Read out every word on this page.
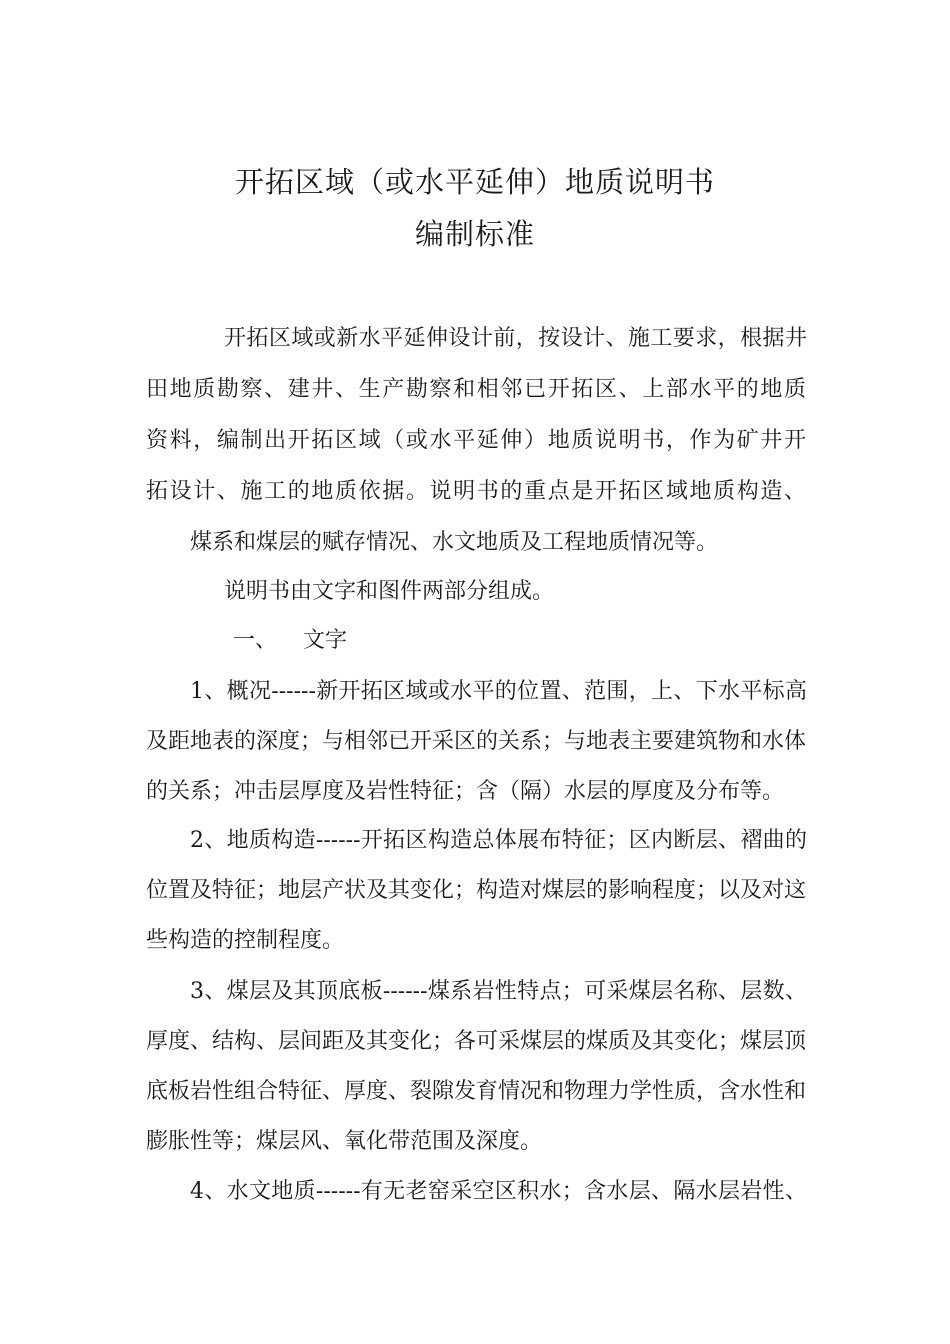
开拓区域（或水平延伸）地质说明书
编制标准
开拓区域或新水平延伸设计前，按设计、施工要求，根据井
田地质勘察、建井、生产勘察和相邻已开拓区、上部水平的地质
资料，编制出开拓区域（或水平延伸）地质说明书，作为矿井开
拓设计、施工的地质依据。说明书的重点是开拓区域地质构造、
煤系和煤层的赋存情况、水文地质及工程地质情况等。
说明书由文字和图件两部分组成。
一、 文字
1、概况------新开拓区域或水平的位置、范围，上、下水平标高
及距地表的深度；与相邻已开采区的关系；与地表主要建筑物和水体
的关系；冲击层厚度及岩性特征；含（隔）水层的厚度及分布等。
2、地质构造------开拓区构造总体展布特征；区内断层、褶曲的
位置及特征；地层产状及其变化；构造对煤层的影响程度；以及对这
些构造的控制程度。
3、煤层及其顶底板------煤系岩性特点；可采煤层名称、层数、
厚度、结构、层间距及其变化；各可采煤层的煤质及其变化；煤层顶
底板岩性组合特征、厚度、裂隙发育情况和物理力学性质，含水性和
膨胀性等；煤层风、氧化带范围及深度。
4、水文地质------有无老窑采空区积水；含水层、隔水层岩性、
